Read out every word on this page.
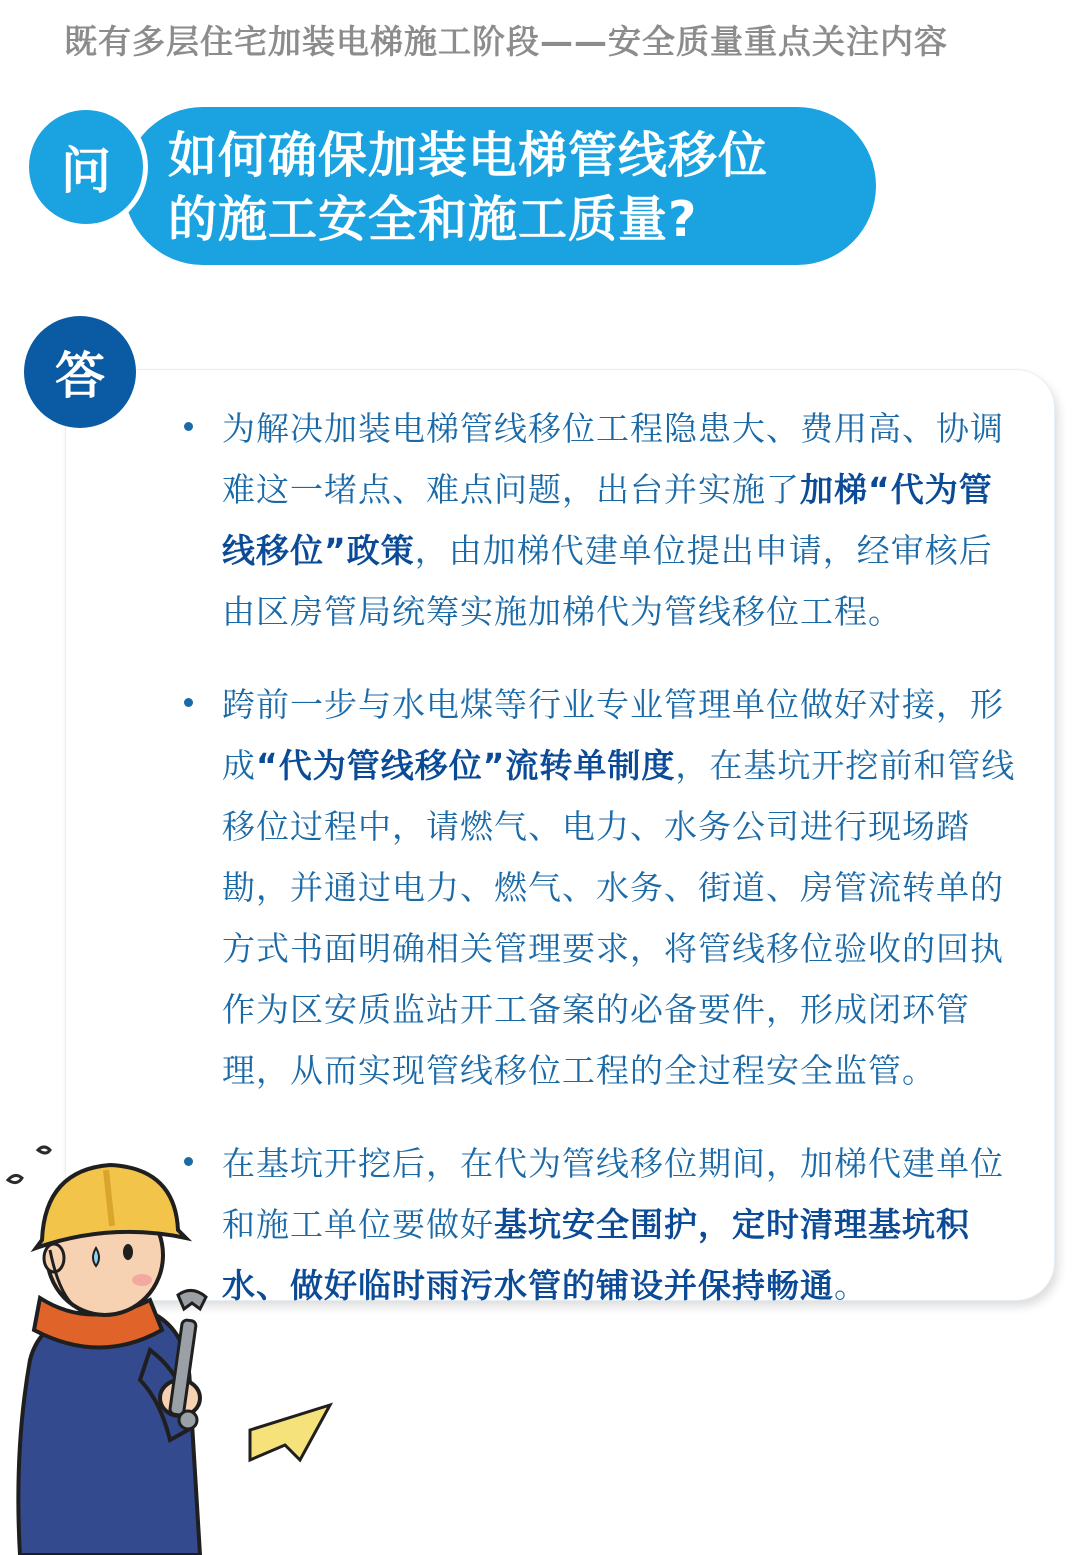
既有多层住宅加装电梯施工阶段——安全质量重点关注内容
问	如何确保加装电梯管线移位
的施工安全和施工质量?
答
为解决加装电梯管线移位工程隐患大、费用高、协调难这一堵点、难点问题，出台并实施了加梯“代为管线移位”政策，由加梯代建单位提出申请，经审核后由区房管局统筹实施加梯代为管线移位工程。
跨前一步与水电煤等行业专业管理单位做好对接，形成“代为管线移位”流转单制度，在基坑开挖前和管线移位过程中，请燃气、电力、水务公司进行现场踏勘，并通过电力、燃气、水务、街道、房管流转单的方式书面明确相关管理要求，将管线移位验收的回执作为区安质监站开工备案的必备要件，形成闭环管理，从而实现管线移位工程的全过程安全监管。
在基坑开挖后，在代为管线移位期间，加梯代建单位和施工单位要做好基坑安全围护，定时清理基坑积水、做好临时雨污水管的铺设并保持畅通。
